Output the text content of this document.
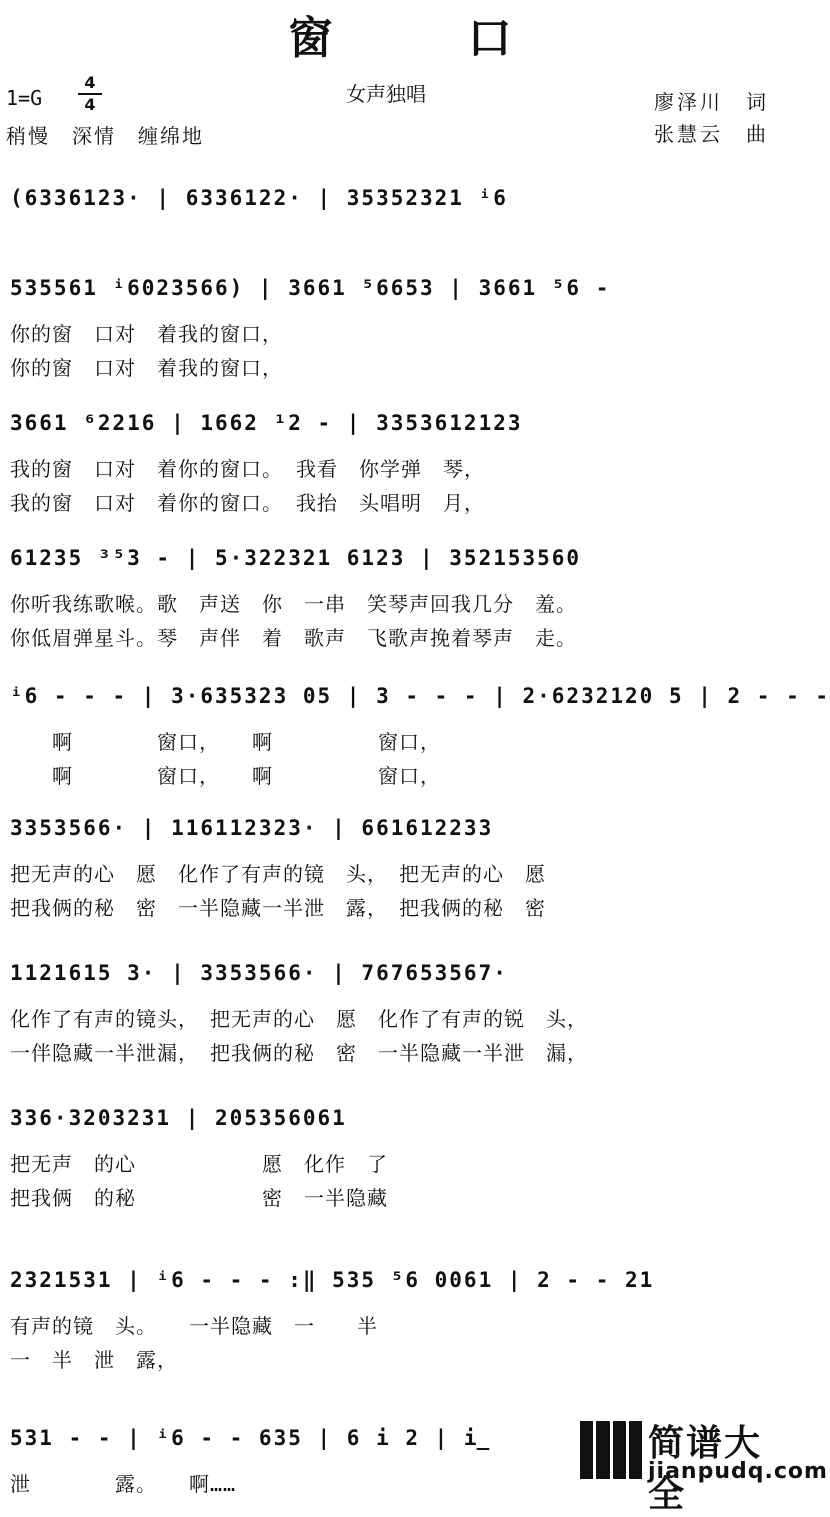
窗 口
1=G
4
4
稍慢　深情　缠绵地
女声独唱	廖泽川　词
张慧云　曲
(6336123· | 6336122· | 35352321 ⁱ6
535561 ⁱ6023566) | 3661 ⁵6653 | 3661 ⁵6 -
你的窗　口对　着我的窗口，
你的窗　口对　着我的窗口，
3661 ⁶2216 | 1662 ¹2 - | 3353612123
我的窗　口对　着你的窗口。 我看　你学弹　琴，
我的窗　口对　着你的窗口。 我抬　头唱明　月，
61235 ³⁵3 - | 5·322321 6123 | 352153560
你听我练歌喉。歌　声送　你　一串　笑琴声回我几分　羞。
你低眉弹星斗。琴　声伴　着　歌声　飞歌声挽着琴声　走。
ⁱ6 - - - | 3·635323 05 | 3 - - - | 2·6232120 5 | 2 - - -
　　啊　　　　窗口，　　啊　　　　　窗口，
　　啊　　　　窗口，　　啊　　　　　窗口，
3353566· | 116112323· | 661612233
把无声的心　愿　化作了有声的镜　头，　把无声的心　愿
把我俩的秘　密　一半隐藏一半泄　露，　把我俩的秘　密
1121615 3· | 3353566· | 767653567·
化作了有声的镜头，　把无声的心　愿　化作了有声的锐　头，
一伴隐藏一半泄漏，　把我俩的秘　密　一半隐藏一半泄　漏，
336·3203231 | 205356061
把无声　的心　　　　　　愿　化作　了
把我俩　的秘　　　　　　密　一半隐藏
2321531 | ⁱ6 - - - :‖ 535 ⁵6 0061 | 2 - - 21
有声的镜　头。　　一半隐藏　一　　半
一　半　泄　露，
531 - - | ⁱ6 - - 635 | 6 i 2 | i̲
泄　　　　露。　　啊……
简谱大全
jianpudq.com
